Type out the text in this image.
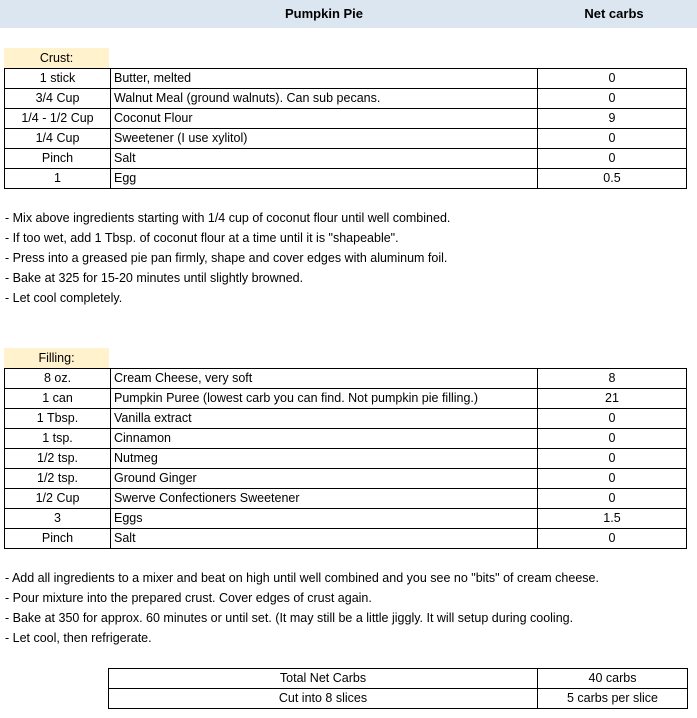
Pumpkin Pie	Net carbs
Crust:
1 stick	Butter, melted	0
3/4 Cup	Walnut Meal (ground walnuts). Can sub pecans.	0
1/4 - 1/2 Cup	Coconut Flour	9
1/4 Cup	Sweetener (I use xylitol)	0
Pinch	Salt	0
1	Egg	0.5
- Mix above ingredients starting with 1/4 cup of coconut flour until well combined.
- If too wet, add 1 Tbsp. of coconut flour at a time until it is "shapeable".
- Press into a greased pie pan firmly, shape and cover edges with aluminum foil.
- Bake at 325 for 15-20 minutes until slightly browned.
- Let cool completely.
Filling:
8 oz.	Cream Cheese, very soft	8
1 can	Pumpkin Puree (lowest carb you can find. Not pumpkin pie filling.)	21
1 Tbsp.	Vanilla extract	0
1 tsp.	Cinnamon	0
1/2 tsp.	Nutmeg	0
1/2 tsp.	Ground Ginger	0
1/2 Cup	Swerve Confectioners Sweetener	0
3	Eggs	1.5
Pinch	Salt	0
- Add all ingredients to a mixer and beat on high until well combined and you see no "bits" of cream cheese.
- Pour mixture into the prepared crust. Cover edges of crust again.
- Bake at 350 for approx. 60 minutes or until set. (It may still be a little jiggly. It will setup during cooling.
- Let cool, then refrigerate.
Total Net Carbs	40 carbs
Cut into 8 slices	5 carbs per slice
